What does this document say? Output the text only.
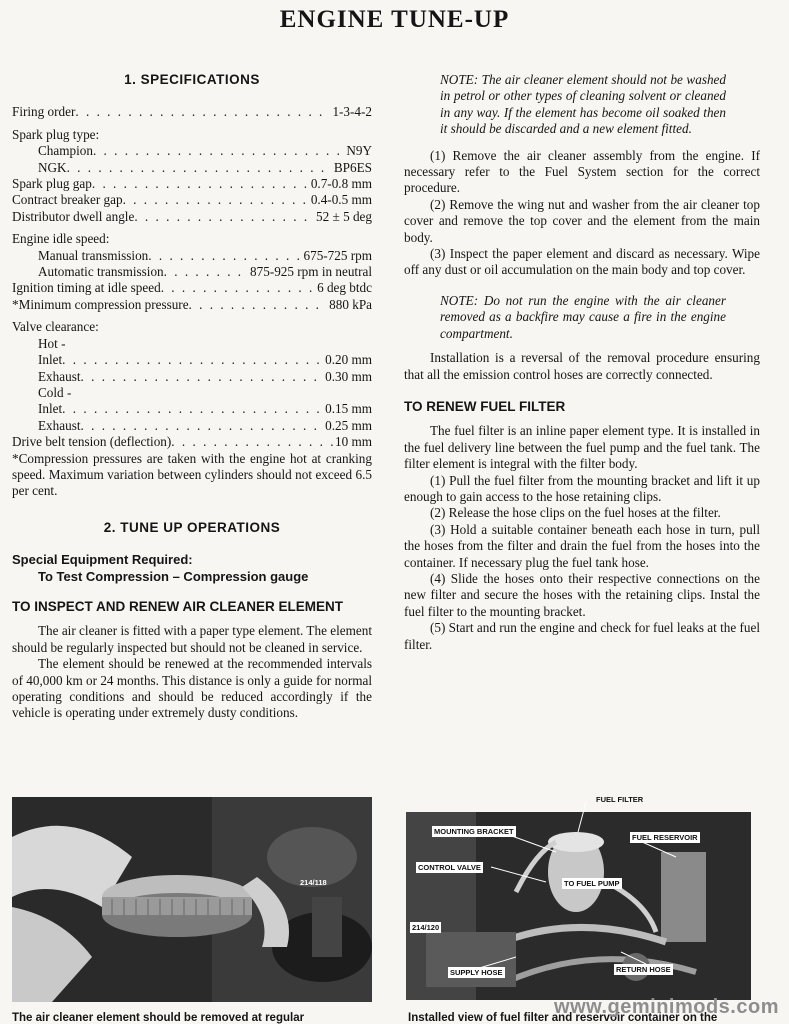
ENGINE TUNE-UP
1. SPECIFICATIONS
Firing order . . .	1-3-4-2
Spark plug type:
Champion . . .	N9Y
NGK . . .	BP6ES
Spark plug gap . . .	0.7-0.8 mm
Contract breaker gap . . .	0.4-0.5 mm
Distributor dwell angle . . .	52 ± 5 deg
Engine idle speed:
Manual transmission . . .	675-725 rpm
Automatic transmission . . .	875-925 rpm in neutral
Ignition timing at idle speed . . .	6 deg btdc
*Minimum compression pressure . . .	880 kPa
Valve clearance:
Hot -
Inlet . . .	0.20 mm
Exhaust . . .	0.30 mm
Cold -
Inlet . . .	0.15 mm
Exhaust . . .	0.25 mm
Drive belt tension (deflection) . . .	10 mm

*Compression pressures are taken with the engine hot at cranking speed. Maximum variation between cylinders should not exceed 6.5 per cent.

2. TUNE UP OPERATIONS
Special Equipment Required:
To Test Compression – Compression gauge
TO INSPECT AND RENEW AIR CLEANER ELEMENT

The air cleaner is fitted with a paper type element. The element should be regularly inspected but should not be cleaned in service.

The element should be renewed at the recommended intervals of 40,000 km or 24 months. This distance is only a guide for normal operating conditions and should be reduced accordingly if the vehicle is operating under extremely dusty conditions.

214/118
The air cleaner element should be removed at regular
NOTE: The air cleaner element should not be washed in petrol or other types of cleaning solvent or cleaned in any way. If the element has become oil soaked then it should be discarded and a new element fitted.

(1) Remove the air cleaner assembly from the engine. If necessary refer to the Fuel System section for the correct procedure.

(2) Remove the wing nut and washer from the air cleaner top cover and remove the top cover and the element from the main body.

(3) Inspect the paper element and discard as necessary. Wipe off any dust or oil accumulation on the main body and top cover.

NOTE: Do not run the engine with the air cleaner removed as a backfire may cause a fire in the engine compartment.

Installation is a reversal of the removal procedure ensuring that all the emission control hoses are correctly connected.

TO RENEW FUEL FILTER

The fuel filter is an inline paper element type. It is installed in the fuel delivery line between the fuel pump and the fuel tank. The filter element is integral with the filter body.

(1) Pull the fuel filter from the mounting bracket and lift it up enough to gain access to the hose retaining clips.

(2) Release the hose clips on the fuel hoses at the filter.

(3) Hold a suitable container beneath each hose in turn, pull the hoses from the filter and drain the fuel from the hoses into the container. If necessary plug the fuel tank hose.

(4) Slide the hoses onto their respective connections on the new filter and secure the hoses with the retaining clips. Instal the fuel filter to the mounting bracket.

(5) Start and run the engine and check for fuel leaks at the fuel filter.

FUEL FILTER
MOUNTING BRACKET
FUEL RESERVOIR
CONTROL VALVE
TO FUEL PUMP
214/120
SUPPLY HOSE	RETURN HOSE
Installed view of fuel filter and reservoir container on the
www.geminimods.com
